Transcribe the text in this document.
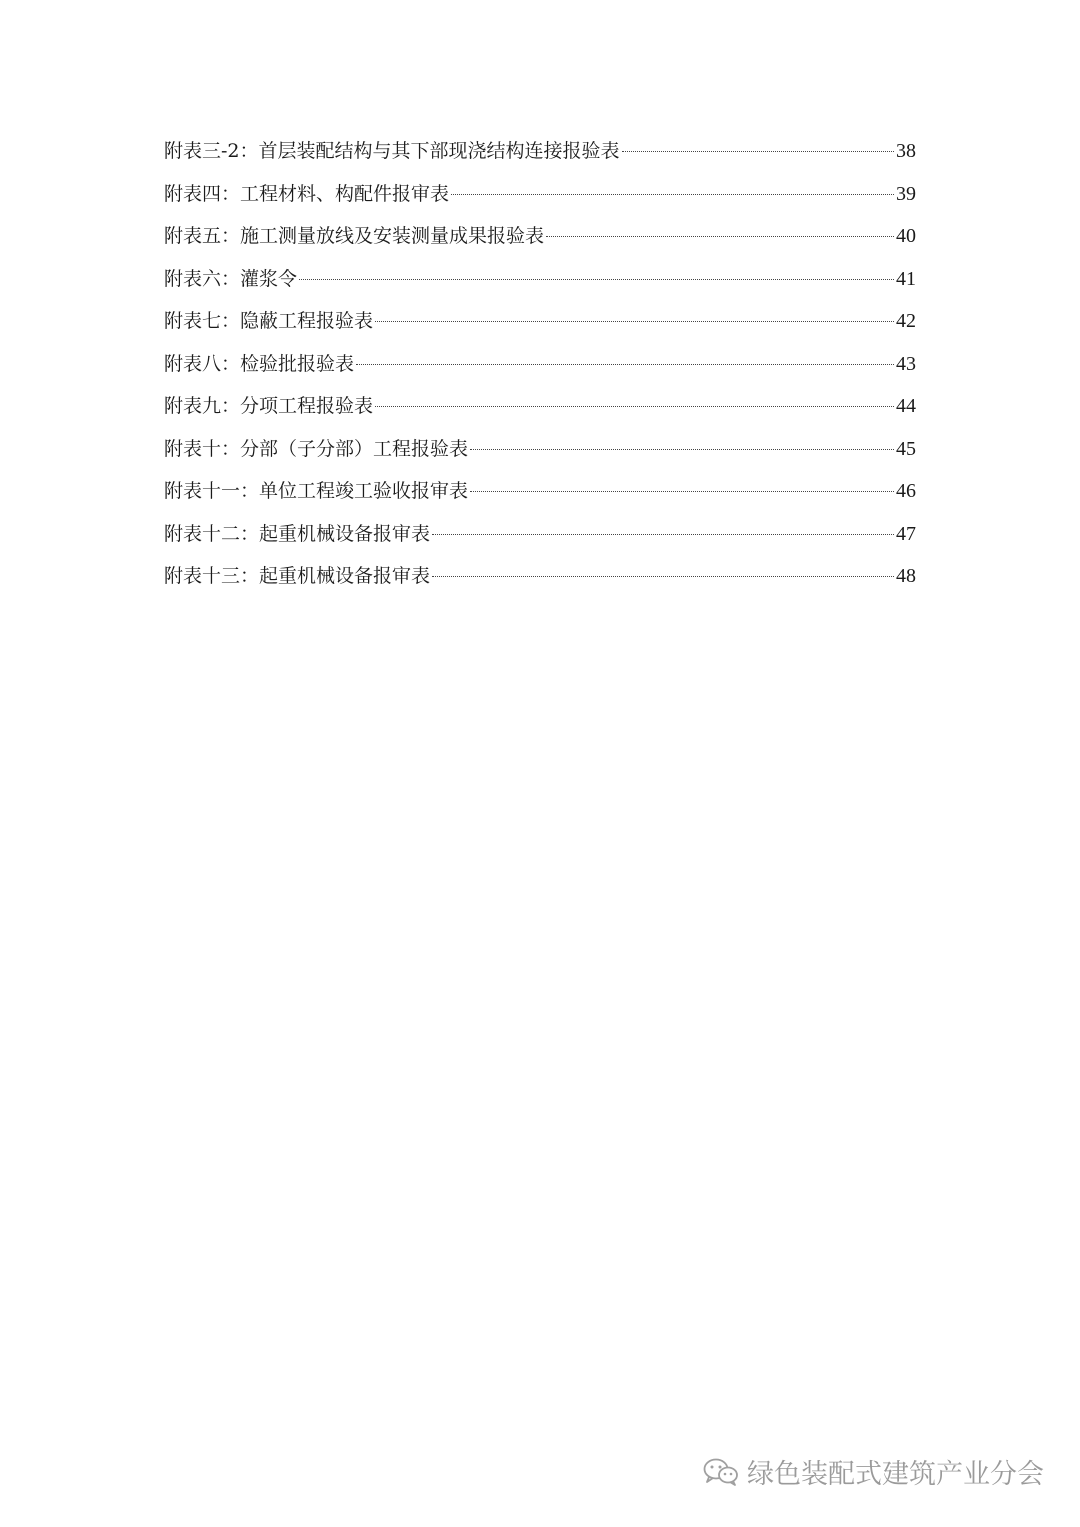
附表三-2：首层装配结构与其下部现浇结构连接报验表	38
附表四：工程材料、构配件报审表	39
附表五：施工测量放线及安装测量成果报验表	40
附表六：灌浆令	41
附表七：隐蔽工程报验表	42
附表八：检验批报验表	43
附表九：分项工程报验表	44
附表十：分部（子分部）工程报验表	45
附表十一：单位工程竣工验收报审表	46
附表十二：起重机械设备报审表	47
附表十三：起重机械设备报审表	48
绿色装配式建筑产业分会
